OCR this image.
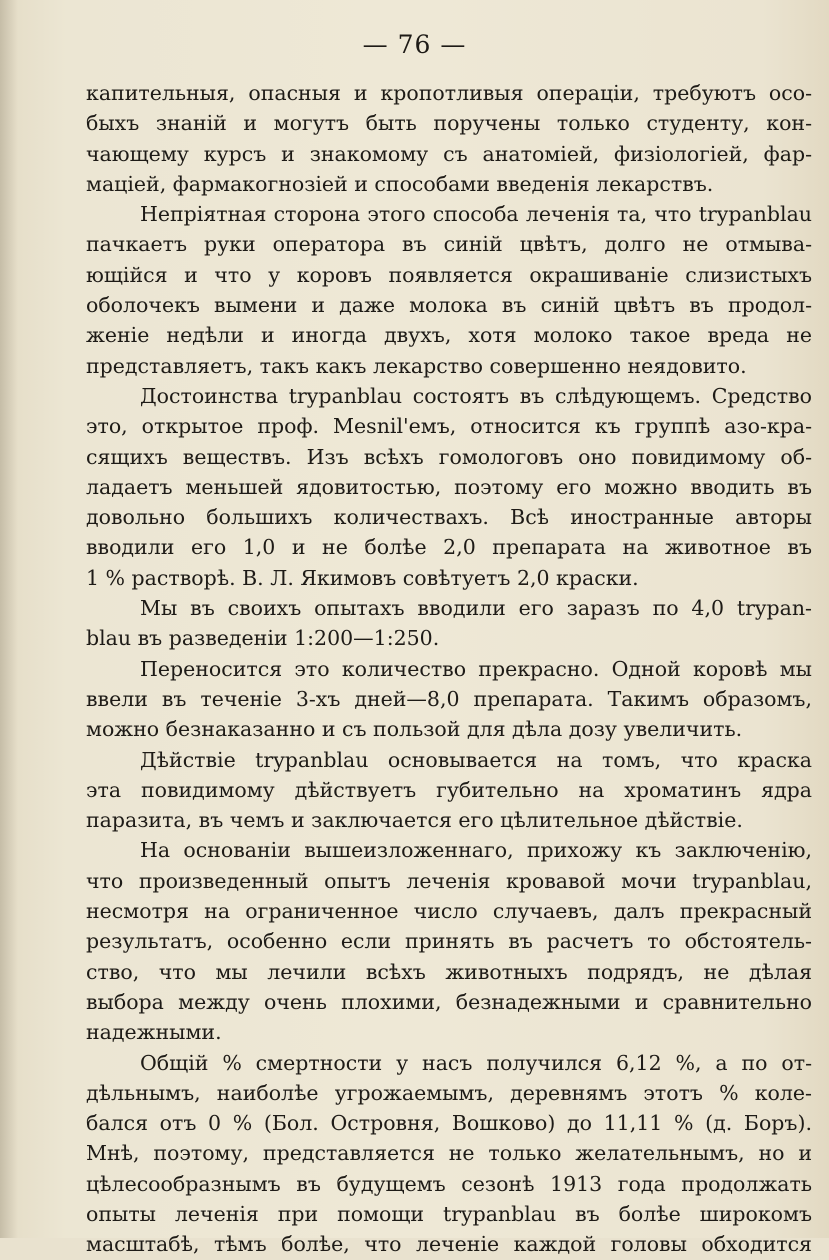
— 76 —
капительныя, опасныя и кропотливыя операціи, требуютъ осо-
быхъ знаній и могутъ быть поручены только студенту, кон-
чающему курсъ и знакомому съ анатоміей, физіологіей, фар-
маціей, фармакогнозіей и способами введенія лекарствъ.
Непріятная сторона этого способа леченія та, что trypanblau
пачкаетъ руки оператора въ синій цвѣтъ, долго не отмыва-
ющійся и что у коровъ появляется окрашиваніе слизистыхъ
оболочекъ вымени и даже молока въ синій цвѣтъ въ продол-
женіе недѣли и иногда двухъ, хотя молоко такое вреда не
представляетъ, такъ какъ лекарство совершенно неядовито.
Достоинства trypanblau состоятъ въ слѣдующемъ. Средство
это, открытое проф. Mesnil'емъ, относится къ группѣ азо-кра-
сящихъ веществъ. Изъ всѣхъ гомологовъ оно повидимому об-
ладаетъ меньшей ядовитостью, поэтому его можно вводить въ
довольно большихъ количествахъ. Всѣ иностранные авторы
вводили его 1,0 и не болѣе 2,0 препарата на животное въ
1 % растворѣ. В. Л. Якимовъ совѣтуетъ 2,0 краски.
Мы въ своихъ опытахъ вводили его заразъ по 4,0 trypan-
blau въ разведеніи 1:200—1:250.
Переносится это количество прекрасно. Одной коровѣ мы
ввели въ теченіе 3-хъ дней—8,0 препарата. Такимъ образомъ,
можно безнаказанно и съ пользой для дѣла дозу увеличить.
Дѣйствіе trypanblau основывается на томъ, что краска
эта повидимому дѣйствуетъ губительно на хроматинъ ядра
паразита, въ чемъ и заключается его цѣлительное дѣйствіе.
На основаніи вышеизложеннаго, прихожу къ заключенію,
что произведенный опытъ леченія кровавой мочи trypanblau,
несмотря на ограниченное число случаевъ, далъ прекрасный
результатъ, особенно если принять въ расчетъ то обстоятель-
ство, что мы лечили всѣхъ животныхъ подрядъ, не дѣлая
выбора между очень плохими, безнадежными и сравнительно
надежными.
Общій % смертности у насъ получился 6,12 %, а по от-
дѣльнымъ, наиболѣе угрожаемымъ, деревнямъ этотъ % коле-
бался отъ 0 % (Бол. Островня, Вошково) до 11,11 % (д. Боръ).
Мнѣ, поэтому, представляется не только желательнымъ, но и
цѣлесообразнымъ въ будущемъ сезонѣ 1913 года продолжать
опыты леченія при помощи trypanblau въ болѣе широкомъ
масштабѣ, тѣмъ болѣе, что леченіе каждой головы обходится
